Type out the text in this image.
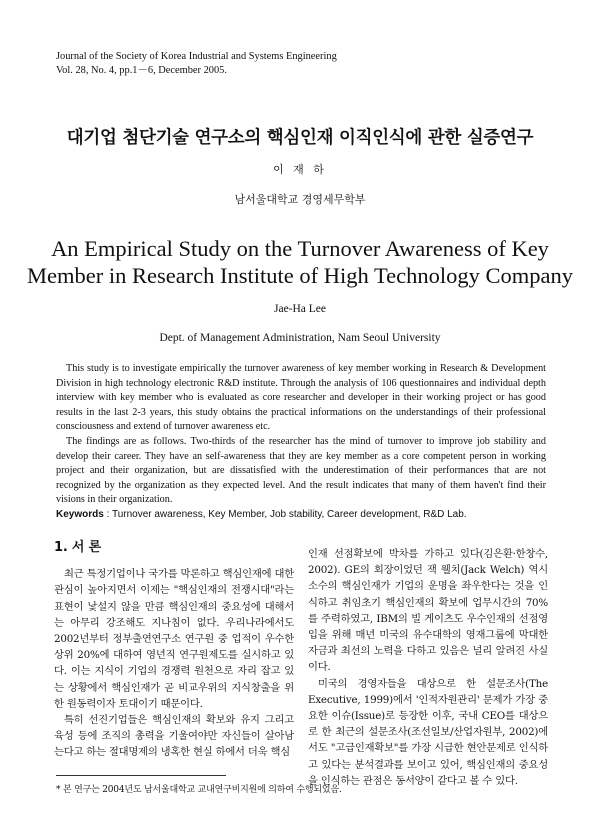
Journal of the Society of Korea Industrial and Systems Engineering
Vol. 28, No. 4, pp.1－6, December 2005.
대기업 첨단기술 연구소의 핵심인재 이직인식에 관한 실증연구
이 재 하
남서울대학교 경영세무학부
An Empirical Study on the Turnover Awareness of Key
Member in Research Institute of High Technology Company
Jae-Ha Lee
Dept. of Management Administration, Nam Seoul University

This study is to investigate empirically the turnover awareness of key member working in Research & Development Division in high technology electronic R&D institute. Through the analysis of 106 questionnaires and individual depth interview with key member who is evaluated as core researcher and developer in their working project or has good results in the last 2-3 years, this study obtains the practical informations on the understandings of their professional consciousness and extend of turnover awareness etc.

The findings are as follows. Two-thirds of the researcher has the mind of turnover to improve job stability and develop their career. They have an self-awareness that they are key member as a core competent person in working project and their organization, but are dissatisfied with the underestimation of their performances that are not recognized by the organization as they expected level. And the result indicates that many of them haven't find their visions in their organization.

Keywords : Turnover awareness, Key Member, Job stability, Career development, R&D Lab.
1. 서 론

최근 특정기업이나 국가를 막론하고 핵심인재에 대한 관심이 높아지면서 이제는 "핵심인재의 전쟁시대"라는 표현이 낯설지 않을 만큼 핵심인재의 중요성에 대해서는 아무리 강조해도 지나침이 없다. 우리나라에서도 2002년부터 정부출연연구소 연구원 중 업적이 우수한 상위 20%에 대하여 영년직 연구원제도를 실시하고 있다. 이는 지식이 기업의 경쟁력 원천으로 자리 잡고 있는 상황에서 핵심인재가 곧 비교우위의 지식창출을 위한 원동력이자 토대이기 때문이다.

특히 선진기업들은 핵심인재의 확보와 유지 그리고 육성 등에 조직의 총력을 기울여야만 자신들이 살아남는다고 하는 절대명제의 냉혹한 현실 하에서 더욱 핵심

인재 선점확보에 박차를 가하고 있다(김은환·한창수, 2002). GE의 회장이었던 잭 웰치(Jack Welch) 역시 소수의 핵심인재가 기업의 운명을 좌우한다는 것을 인식하고 취임초기 핵심인재의 확보에 업무시간의 70%를 주력하였고, IBM의 빌 게이츠도 우수인재의 선점영입을 위해 매년 미국의 유수대학의 영재그룹에 막대한 자금과 최선의 노력을 다하고 있음은 널리 알려진 사실이다.

미국의 경영자들을 대상으로 한 설문조사(The Executive, 1999)에서 '인적자원관리' 문제가 가장 중요한 이슈(Issue)로 등장한 이후, 국내 CEO를 대상으로 한 최근의 설문조사(조선일보/산업자원부, 2002)에서도 "고급인재확보"를 가장 시급한 현안문제로 인식하고 있다는 분석결과를 보이고 있어, 핵심인재의 중요성을 인식하는 관점은 동서양이 같다고 볼 수 있다.

* 본 연구는 2004년도 남서울대학교 교내연구비지원에 의하여 수행되었음.
